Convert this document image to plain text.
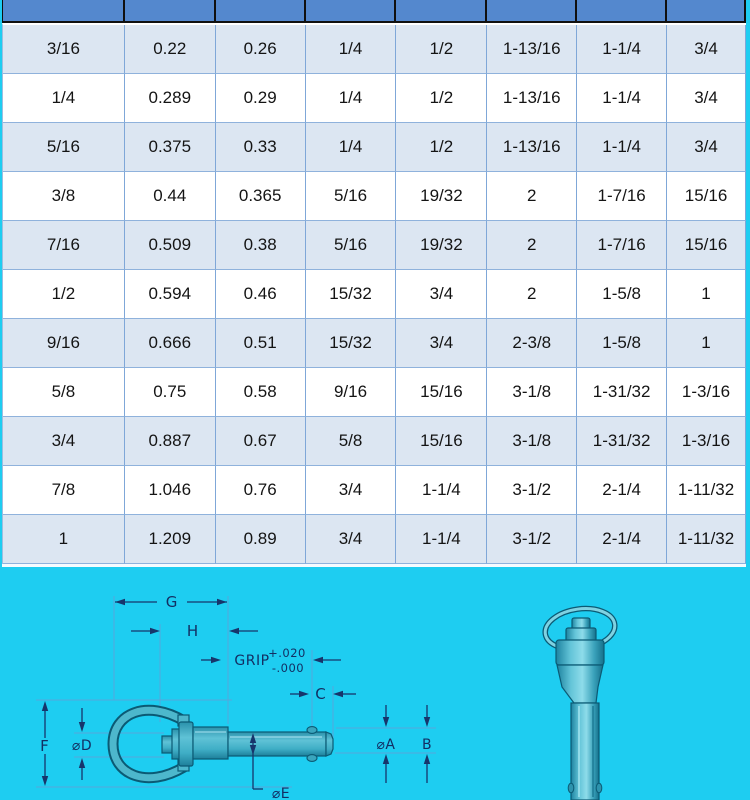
3/16	0.22	0.26	1/4	1/2	1-13/16	1-1/4	3/4
1/4	0.289	0.29	1/4	1/2	1-13/16	1-1/4	3/4
5/16	0.375	0.33	1/4	1/2	1-13/16	1-1/4	3/4
3/8	0.44	0.365	5/16	19/32	2	1-7/16	15/16
7/16	0.509	0.38	5/16	19/32	2	1-7/16	15/16
1/2	0.594	0.46	15/32	3/4	2	1-5/8	1
9/16	0.666	0.51	15/32	3/4	2-3/8	1-5/8	1
5/8	0.75	0.58	9/16	15/16	3-1/8	1-31/32	1-3/16
3/4	0.887	0.67	5/8	15/16	3-1/8	1-31/32	1-3/16
7/8	1.046	0.76	3/4	1-1/4	3-1/2	2-1/4	1-11/32
1	1.209	0.89	3/4	1-1/4	3-1/2	2-1/4	1-11/32
G
H
GRIP
+.020
-.000
C
F ⌀D
⌀E
⌀A B
